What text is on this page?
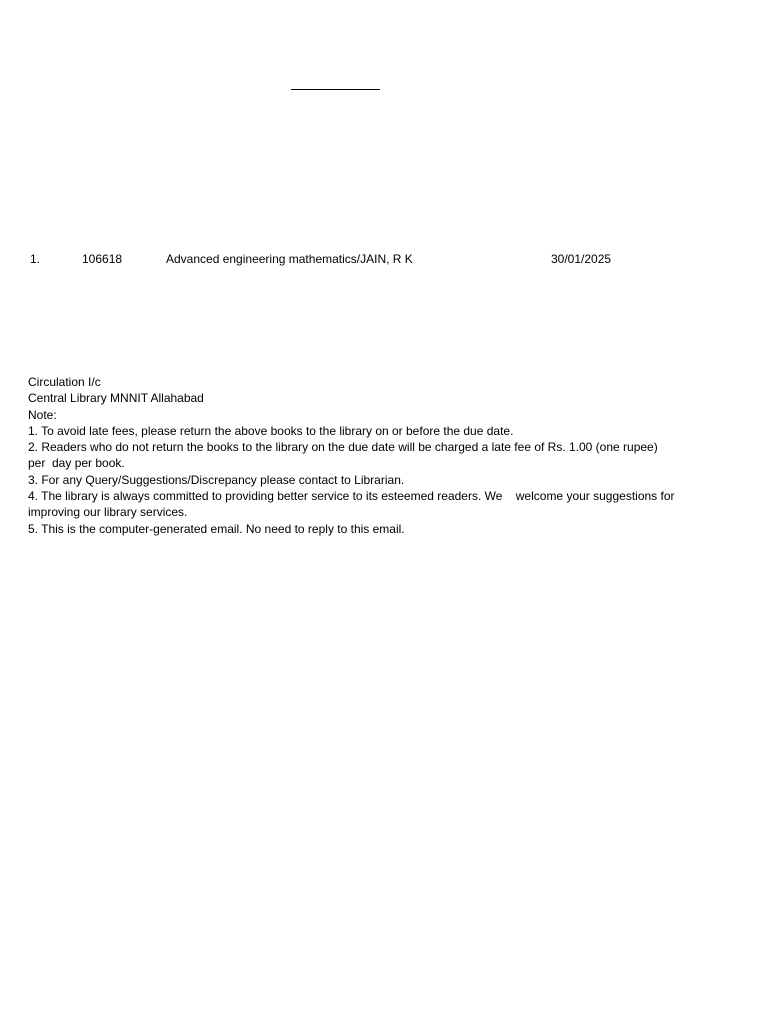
1.	106618	Advanced engineering mathematics/JAIN, R K	30/01/2025
Circulation I/c
Central Library MNNIT Allahabad
Note:
1. To avoid late fees, please return the above books to the library on or before the due date.
2. Readers who do not return the books to the library on the due date will be charged a late fee of Rs. 1.00 (one rupee)
per  day per book.
3. For any Query/Suggestions/Discrepancy please contact to Librarian.
4. The library is always committed to providing better service to its esteemed readers. We    welcome your suggestions for
improving our library services.
5. This is the computer-generated email. No need to reply to this email.
